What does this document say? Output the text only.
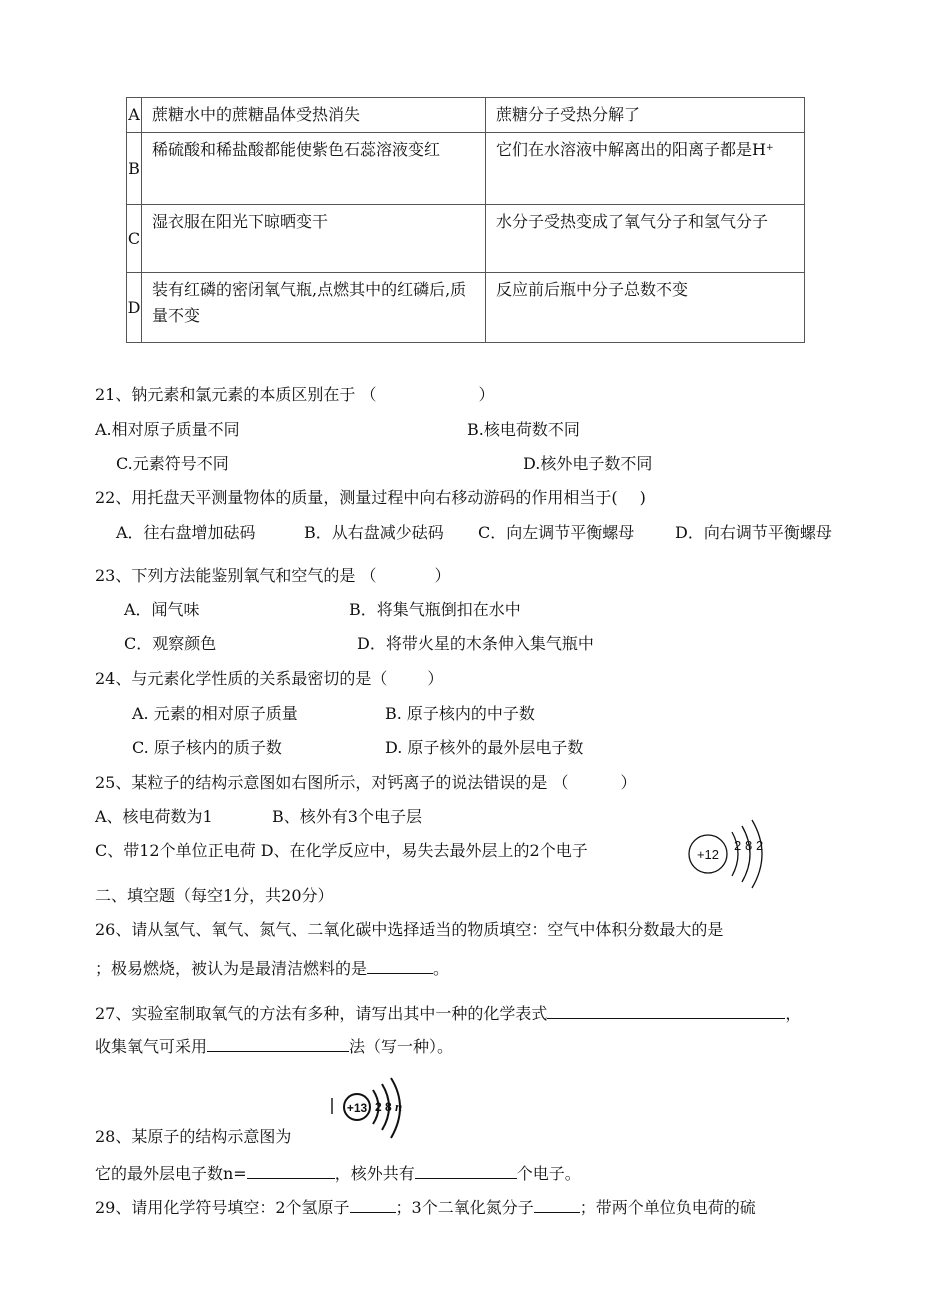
A	蔗糖水中的蔗糖晶体受热消失	蔗糖分子受热分解了
B	稀硫酸和稀盐酸都能使紫色石蕊溶液变红	它们在水溶液中解离出的阳离子都是H+
C	湿衣服在阳光下晾晒变干	水分子受热变成了氧气分子和氢气分子
D	装有红磷的密闭氧气瓶,点燃其中的红磷后,质量不变	反应前后瓶中分子总数不变
21、钠元素和氯元素的本质区别在于 （	）
A.相对原子质量不同	B.核电荷数不同
C.元素符号不同	D.核外电子数不同
22、用托盘天平测量物体的质量，测量过程中向右移动游码的作用相当于( )
A．往右盘增加砝码	B．从右盘减少砝码 C．向左调节平衡螺母	D．向右调节平衡螺母
23、下列方法能鉴别氧气和空气的是 （	）
A．闻气味	B．将集气瓶倒扣在水中
C．观察颜色	D．将带火星的木条伸入集气瓶中
24、与元素化学性质的关系最密切的是（	）
A. 元素的相对原子质量	B. 原子核内的中子数
C. 原子核内的质子数	D. 原子核外的最外层电子数
25、某粒子的结构示意图如右图所示，对钙离子的说法错误的是 （	）
A、核电荷数为1	B、核外有3个电子层
C、带12个单位正电荷 D、在化学反应中，易失去最外层上的2个电子	+12
2 8 2
二、填空题（每空1分，共20分）
26、请从氢气、氧气、氮气、二氧化碳中选择适当的物质填空：空气中体积分数最大的是
；极易燃烧，被认为是最清洁燃料的是	。
27、实验室制取氧气的方法有多种，请写出其中一种的化学表式	，
收集氧气可采用	法（写一种）。
+13 2 8 n
28、某原子的结构示意图为
它的最外层电子数n=	，核外共有	个电子。
29、请用化学符号填空：2个氢原子	；3个二氧化氮分子	；带两个单位负电荷的硫
